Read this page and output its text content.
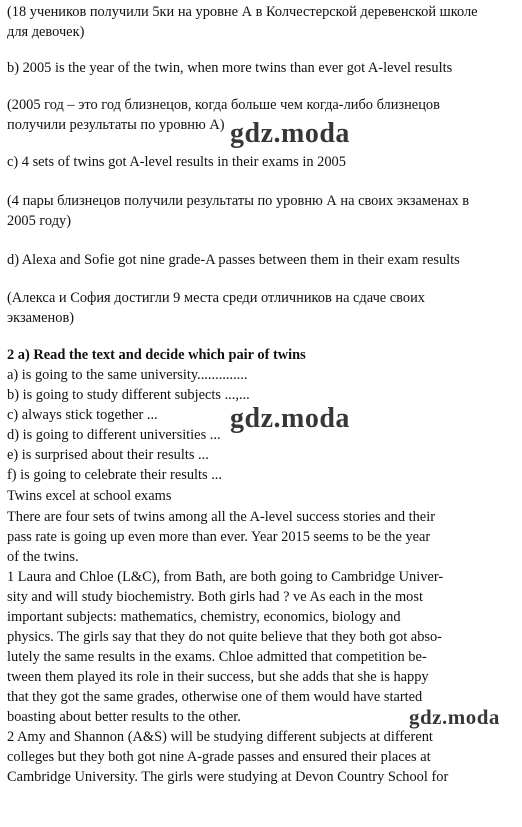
(18 учеников получили 5ки на уровне А в Колчестерской деревенской школе
для девочек)
b) 2005 is the year of the twin, when more twins than ever got A-level results
(2005 год – это год близнецов, когда больше чем когда-либо близнецов
получили результаты по уровню А)
c) 4 sets of twins got A-level results in their exams in 2005
(4 пары близнецов получили результаты по уровню А на своих экзаменах в
2005 году)
d) Alexa and Sofie got nine grade-A passes between them in their exam results
(Алекса и София достигли 9 места среди отличников на сдаче своих
экзаменов)
2 а) Read the text and decide which pair of twins
a) is going to the same university..............
b) is going to study different subjects ...,...
c) always stick together ...
d) is going to different universities ...
e) is surprised about their results ...
f) is going to celebrate their results ...
Twins excel at school exams
There are four sets of twins among all the A-level success stories and their
pass rate is going up even more than ever. Year 2015 seems to be the year
of the twins.
1 Laura and Chloe (L&C), from Bath, are both going to Cambridge Univer-
sity and will study biochemistry. Both girls had ? ve As each in the most
important subjects: mathematics, chemistry, economics, biology and
physics. The girls say that they do not quite believe that they both got abso-
lutely the same results in the exams. Chloe admitted that competition be-
tween them played its role in their success, but she adds that she is happy
that they got the same grades, otherwise one of them would have started
boasting about better results to the other.
2 Amy and Shannon (A&S) will be studying different subjects at different
colleges but they both got nine A-grade passes and ensured their places at
Cambridge University. The girls were studying at Devon Country School for
gdz.moda
gdz.moda
gdz.moda
